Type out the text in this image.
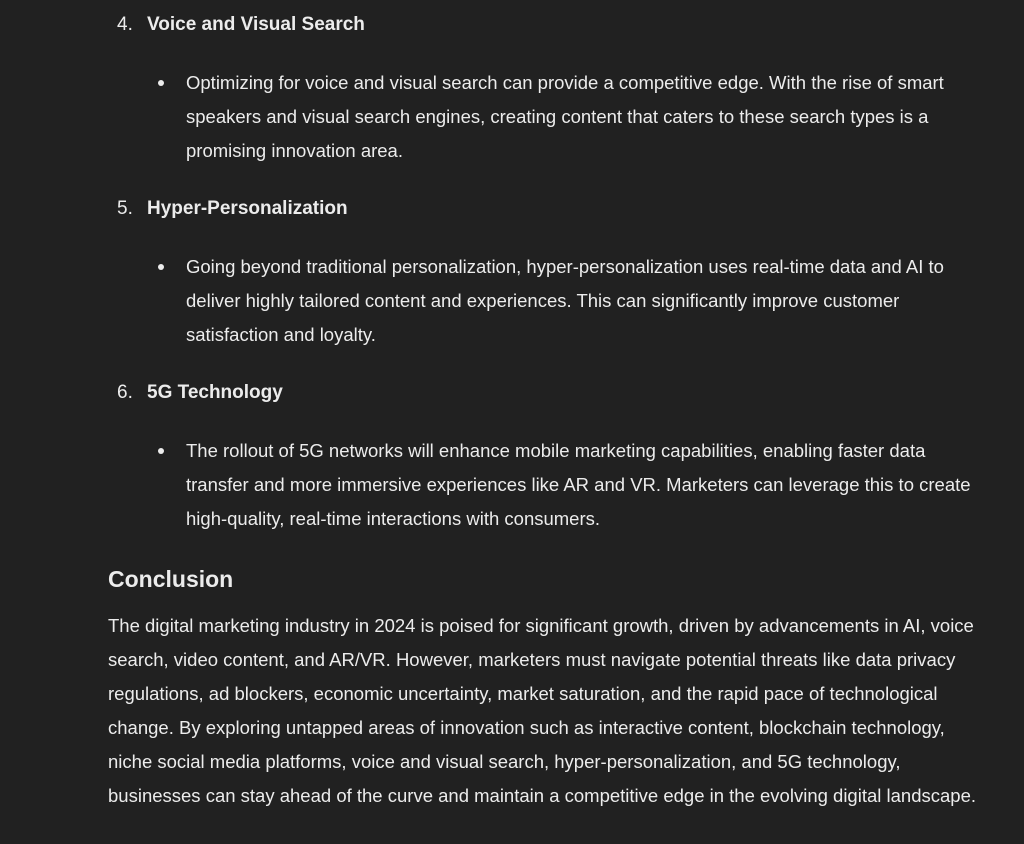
4. Voice and Visual Search
Optimizing for voice and visual search can provide a competitive edge. With the rise of smart speakers and visual search engines, creating content that caters to these search types is a promising innovation area.
5. Hyper-Personalization
Going beyond traditional personalization, hyper-personalization uses real-time data and AI to deliver highly tailored content and experiences. This can significantly improve customer satisfaction and loyalty.
6. 5G Technology
The rollout of 5G networks will enhance mobile marketing capabilities, enabling faster data transfer and more immersive experiences like AR and VR. Marketers can leverage this to create high-quality, real-time interactions with consumers.
Conclusion

The digital marketing industry in 2024 is poised for significant growth, driven by advancements in AI, voice search, video content, and AR/VR. However, marketers must navigate potential threats like data privacy regulations, ad blockers, economic uncertainty, market saturation, and the rapid pace of technological change. By exploring untapped areas of innovation such as interactive content, blockchain technology, niche social media platforms, voice and visual search, hyper-personalization, and 5G technology, businesses can stay ahead of the curve and maintain a competitive edge in the evolving digital landscape.
